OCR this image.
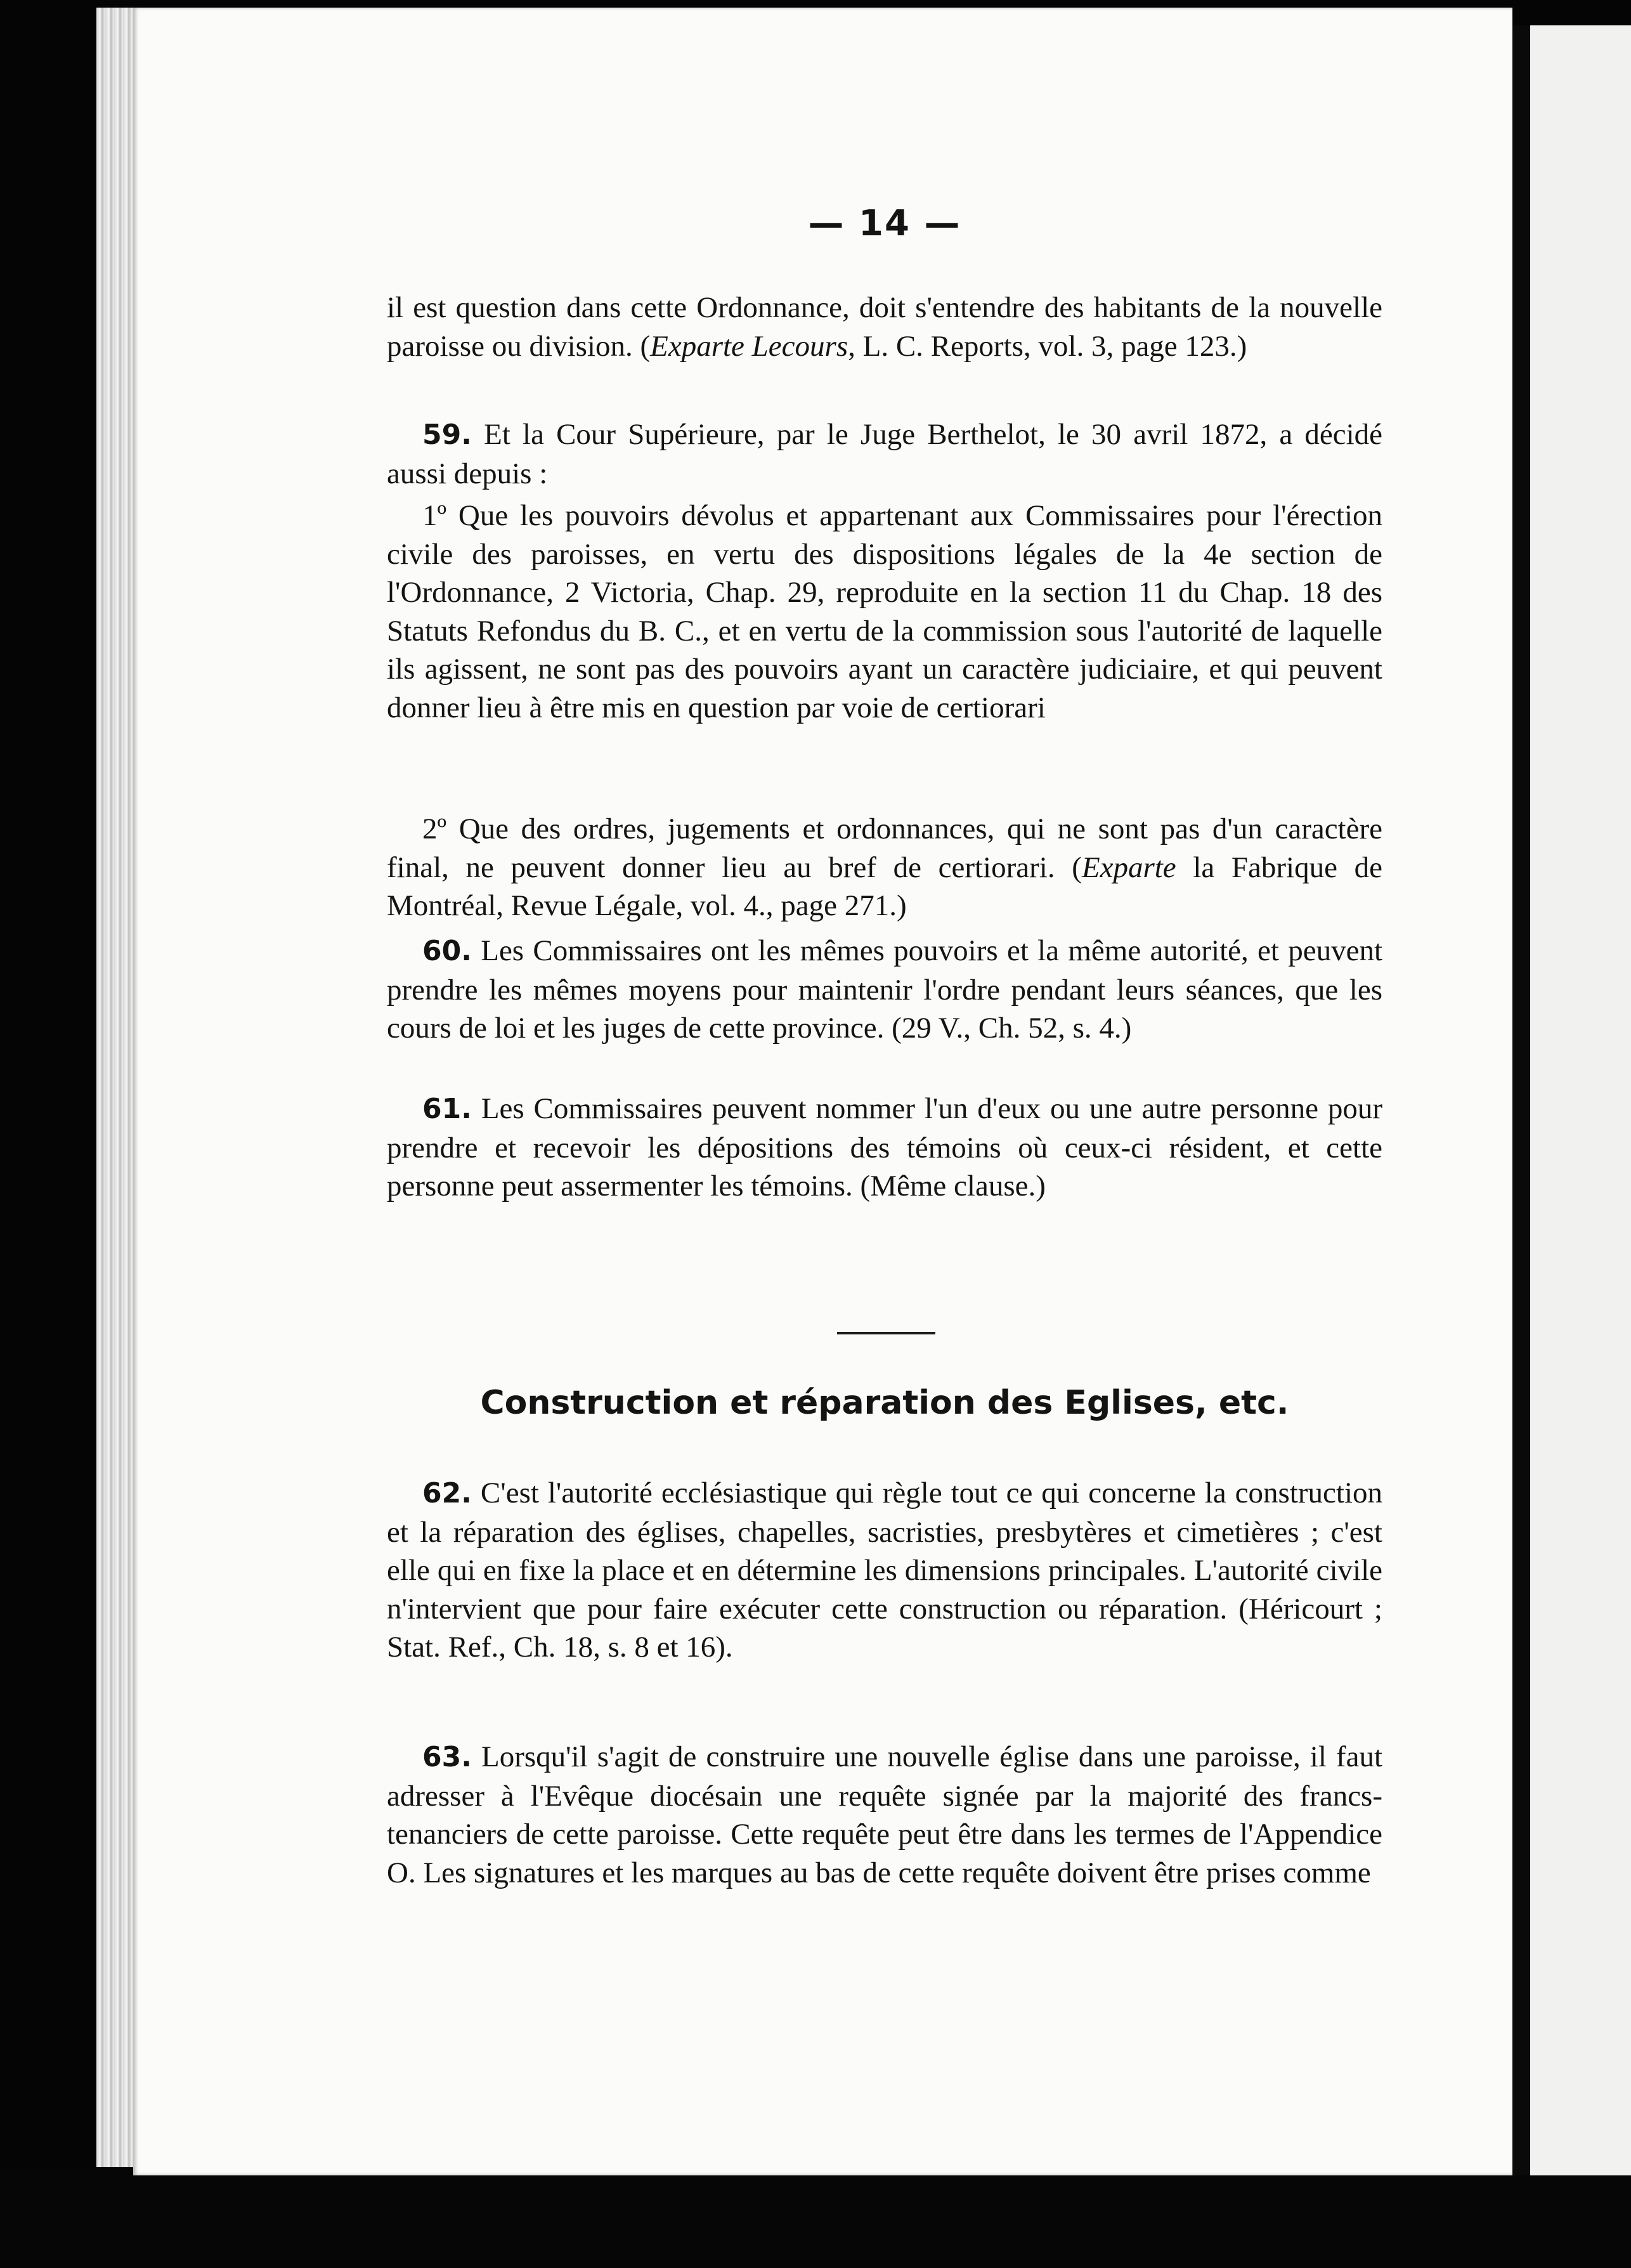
— 14 —

il est question dans cette Ordonnance, doit s'entendre des habitants de la nouvelle paroisse ou division. (Exparte Lecours, L. C. Reports, vol. 3, page 123.)

59. Et la Cour Supérieure, par le Juge Berthelot, le 30 avril 1872, a décidé aussi depuis :

1º Que les pouvoirs dévolus et appartenant aux Commissaires pour l'érection civile des paroisses, en vertu des dispositions légales de la 4e section de l'Ordonnance, 2 Victoria, Chap. 29, reproduite en la section 11 du Chap. 18 des Statuts Refondus du B. C., et en vertu de la commission sous l'autorité de laquelle ils agissent, ne sont pas des pouvoirs ayant un caractère judiciaire, et qui peuvent donner lieu à être mis en question par voie de certiorari

2º Que des ordres, jugements et ordonnances, qui ne sont pas d'un caractère final, ne peuvent donner lieu au bref de certiorari. (Exparte la Fabrique de Montréal, Revue Légale, vol. 4., page 271.)

60. Les Commissaires ont les mêmes pouvoirs et la même autorité, et peuvent prendre les mêmes moyens pour maintenir l'ordre pendant leurs séances, que les cours de loi et les juges de cette province. (29 V., Ch. 52, s. 4.)

61. Les Commissaires peuvent nommer l'un d'eux ou une autre personne pour prendre et recevoir les dépositions des témoins où ceux-ci résident, et cette personne peut assermenter les témoins. (Même clause.)

Construction et réparation des Eglises, etc.

62. C'est l'autorité ecclésiastique qui règle tout ce qui concerne la construction et la réparation des églises, chapelles, sacristies, presbytères et cimetières ; c'est elle qui en fixe la place et en détermine les dimensions principales. L'autorité civile n'intervient que pour faire exécuter cette construction ou réparation. (Héricourt ; Stat. Ref., Ch. 18, s. 8 et 16).

63. Lorsqu'il s'agit de construire une nouvelle église dans une paroisse, il faut adresser à l'Evêque diocésain une requête signée par la majorité des francs-tenanciers de cette paroisse. Cette requête peut être dans les termes de l'Appendice O. Les signatures et les marques au bas de cette requête doivent être prises comme
